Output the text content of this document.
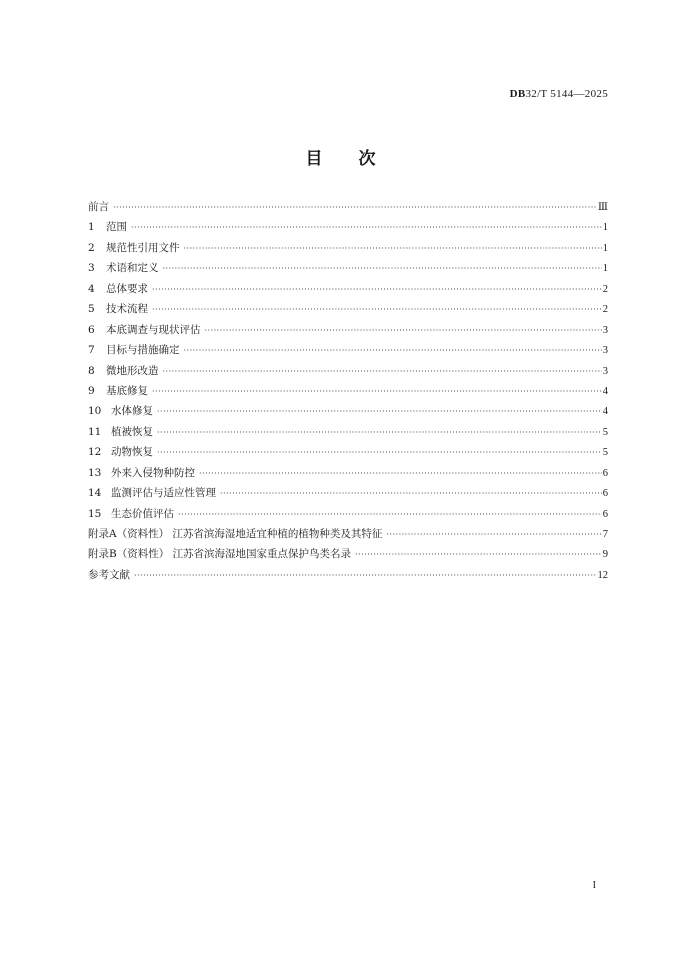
DB32/T 5144—2025
目次
前言 ·····	Ⅲ
1 范围 ·····	1
2 规范性引用文件 ·····	1
3 术语和定义 ·····	1
4 总体要求 ·····	2
5 技术流程 ·····	2
6 本底调查与现状评估 ·····	3
7 目标与措施确定 ·····	3
8 微地形改造 ·····	3
9 基底修复 ·····	4
10 水体修复 ·····	4
11 植被恢复 ·····	5
12 动物恢复 ·····	5
13 外来入侵物种防控 ·····	6
14 监测评估与适应性管理 ·····	6
15 生态价值评估 ·····	6
附录A（资料性） 江苏省滨海湿地适宜种植的植物种类及其特征 ·····	7
附录B（资料性） 江苏省滨海湿地国家重点保护鸟类名录 ·····	9
参考文献 ·····	12
I
